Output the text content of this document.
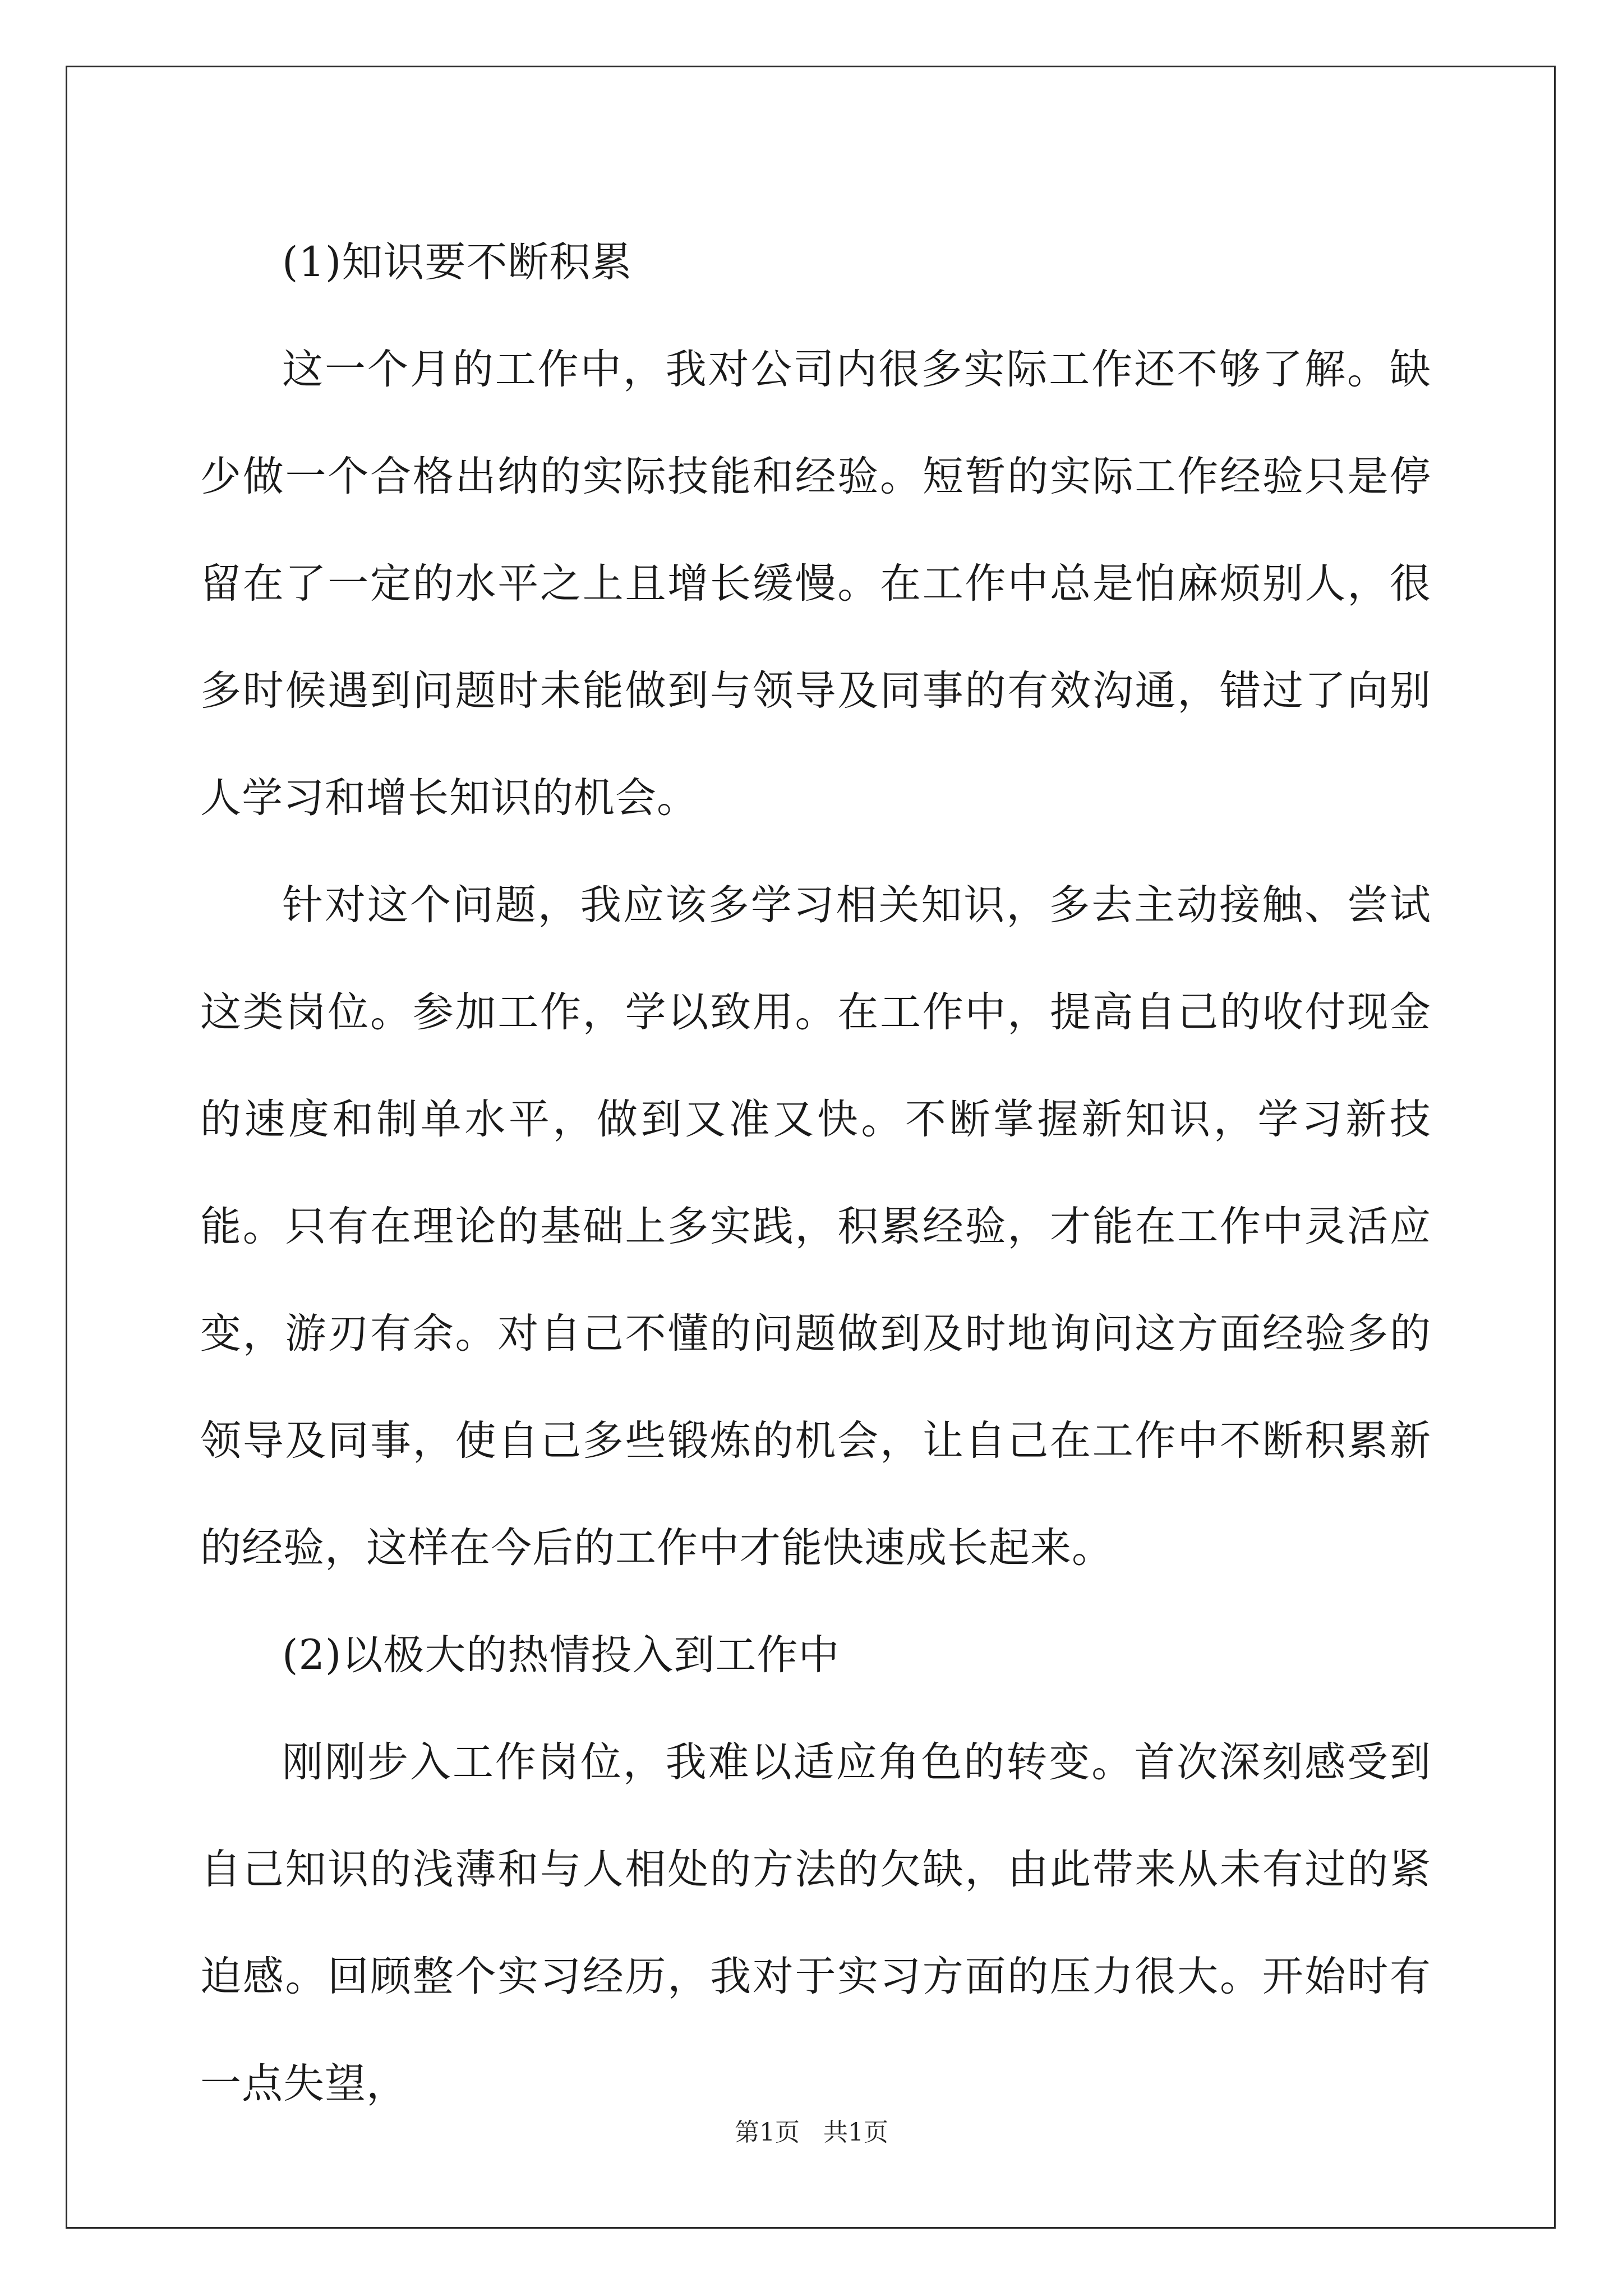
(1)知识要不断积累

这一个月的工作中，我对公司内很多实际工作还不够了解。缺少做一个合格出纳的实际技能和经验。短暂的实际工作经验只是停留在了一定的水平之上且增长缓慢。在工作中总是怕麻烦别人，很多时候遇到问题时未能做到与领导及同事的有效沟通，错过了向别人学习和增长知识的机会。

针对这个问题，我应该多学习相关知识，多去主动接触、尝试这类岗位。参加工作，学以致用。在工作中，提高自己的收付现金的速度和制单水平，做到又准又快。不断掌握新知识，学习新技能。只有在理论的基础上多实践，积累经验，才能在工作中灵活应变，游刃有余。对自己不懂的问题做到及时地询问这方面经验多的领导及同事，使自己多些锻炼的机会，让自己在工作中不断积累新的经验，这样在今后的工作中才能快速成长起来。

(2)以极大的热情投入到工作中

刚刚步入工作岗位，我难以适应角色的转变。首次深刻感受到自己知识的浅薄和与人相处的方法的欠缺，由此带来从未有过的紧迫感。回顾整个实习经历，我对于实习方面的压力很大。开始时有一点失望，

第1页 共1页
